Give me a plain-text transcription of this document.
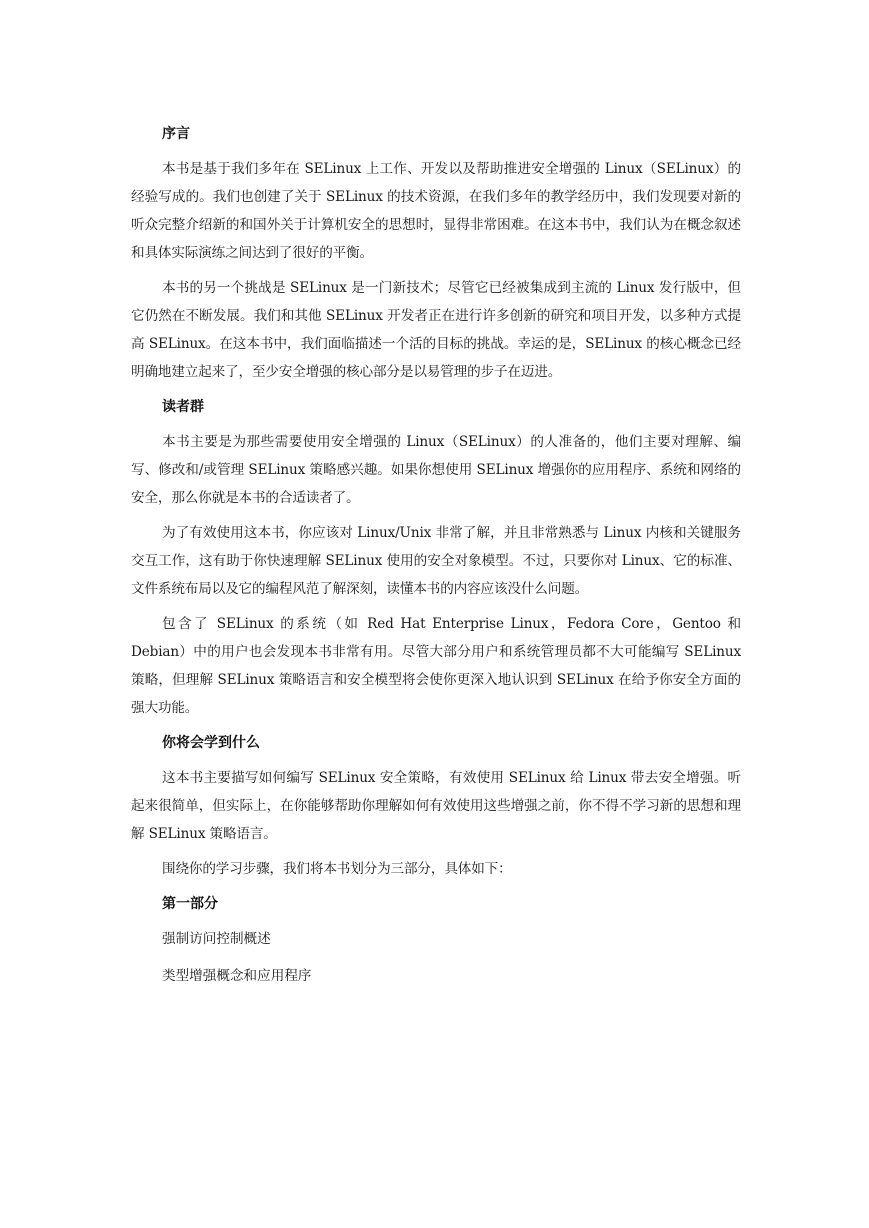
序言

本书是基于我们多年在 SELinux 上工作、开发以及帮助推进安全增强的 Linux（SELinux）的经验写成的。我们也创建了关于 SELinux 的技术资源，在我们多年的教学经历中，我们发现要对新的听众完整介绍新的和国外关于计算机安全的思想时，显得非常困难。在这本书中，我们认为在概念叙述和具体实际演练之间达到了很好的平衡。

本书的另一个挑战是 SELinux 是一门新技术；尽管它已经被集成到主流的 Linux 发行版中，但它仍然在不断发展。我们和其他 SELinux 开发者正在进行许多创新的研究和项目开发，以多种方式提高 SELinux。在这本书中，我们面临描述一个活的目标的挑战。幸运的是，SELinux 的核心概念已经明确地建立起来了，至少安全增强的核心部分是以易管理的步子在迈进。

读者群

本书主要是为那些需要使用安全增强的 Linux（SELinux）的人准备的，他们主要对理解、编写、修改和/或管理 SELinux 策略感兴趣。如果你想使用 SELinux 增强你的应用程序、系统和网络的安全，那么你就是本书的合适读者了。

为了有效使用这本书，你应该对 Linux/Unix 非常了解，并且非常熟悉与 Linux 内核和关键服务交互工作，这有助于你快速理解 SELinux 使用的安全对象模型。不过，只要你对 Linux、它的标准、文件系统布局以及它的编程风范了解深刻，读懂本书的内容应该没什么问题。

包含了 SELinux 的系统（如 Red Hat Enterprise Linux，Fedora Core，Gentoo 和 Debian）中的用户也会发现本书非常有用。尽管大部分用户和系统管理员都不大可能编写 SELinux 策略，但理解 SELinux 策略语言和安全模型将会使你更深入地认识到 SELinux 在给予你安全方面的强大功能。

你将会学到什么

这本书主要描写如何编写 SELinux 安全策略，有效使用 SELinux 给 Linux 带去安全增强。听起来很简单，但实际上，在你能够帮助你理解如何有效使用这些增强之前，你不得不学习新的思想和理解 SELinux 策略语言。

围绕你的学习步骤，我们将本书划分为三部分，具体如下：

第一部分
强制访问控制概述
类型增强概念和应用程序
